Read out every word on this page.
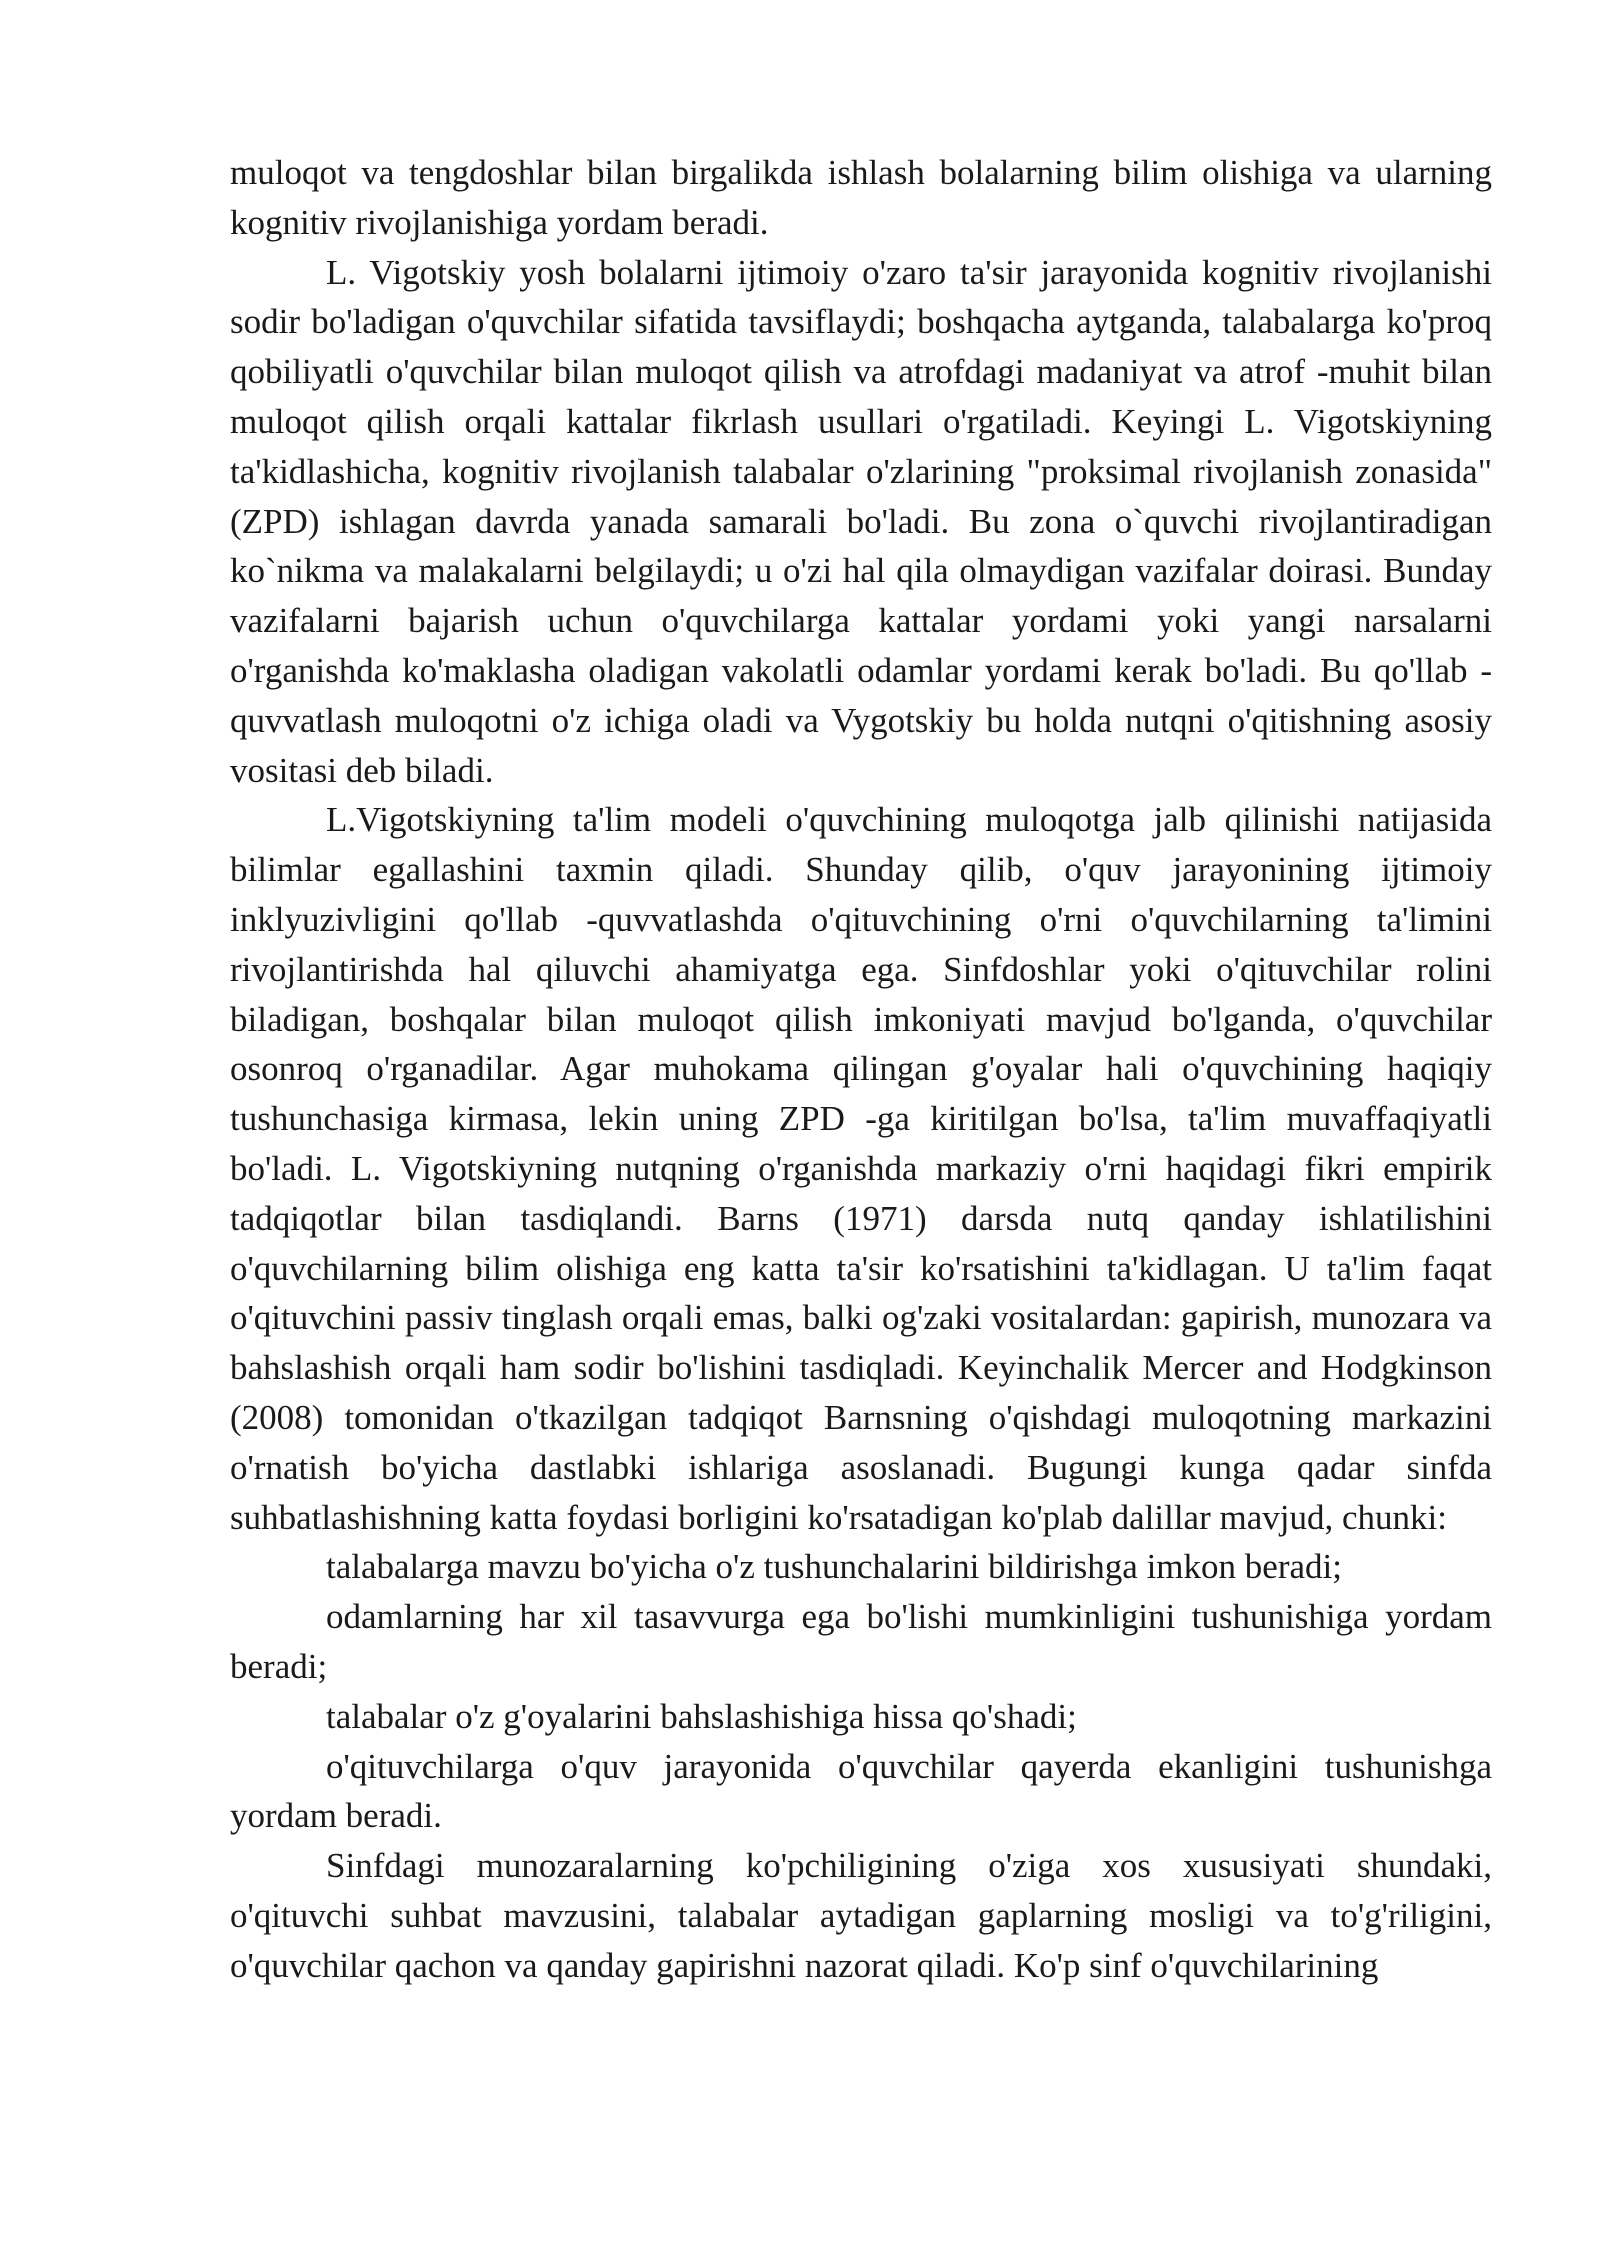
muloqot va tengdoshlar bilan birgalikda ishlash bolalarning bilim olishiga va ularning kognitiv rivojlanishiga yordam beradi.

L. Vigotskiy yosh bolalarni ijtimoiy o'zaro ta'sir jarayonida kognitiv rivojlanishi sodir bo'ladigan o'quvchilar sifatida tavsiflaydi; boshqacha aytganda, talabalarga ko'proq qobiliyatli o'quvchilar bilan muloqot qilish va atrofdagi madaniyat va atrof -muhit bilan muloqot qilish orqali kattalar fikrlash usullari o'rgatiladi. Keyingi L. Vigotskiyning ta'kidlashicha, kognitiv rivojlanish talabalar o'zlarining "proksimal rivojlanish zonasida" (ZPD) ishlagan davrda yanada samarali bo'ladi. Bu zona o`quvchi rivojlantiradigan ko`nikma va malakalarni belgilaydi; u o'zi hal qila olmaydigan vazifalar doirasi. Bunday vazifalarni bajarish uchun o'quvchilarga kattalar yordami yoki yangi narsalarni o'rganishda ko'maklasha oladigan vakolatli odamlar yordami kerak bo'ladi. Bu qo'llab - quvvatlash muloqotni o'z ichiga oladi va Vygotskiy bu holda nutqni o'qitishning asosiy vositasi deb biladi.

L.Vigotskiyning ta'lim modeli o'quvchining muloqotga jalb qilinishi natijasida bilimlar egallashini taxmin qiladi. Shunday qilib, o'quv jarayonining ijtimoiy inklyuzivligini qo'llab -quvvatlashda o'qituvchining o'rni o'quvchilarning ta'limini rivojlantirishda hal qiluvchi ahamiyatga ega. Sinfdoshlar yoki o'qituvchilar rolini biladigan, boshqalar bilan muloqot qilish imkoniyati mavjud bo'lganda, o'quvchilar osonroq o'rganadilar. Agar muhokama qilingan g'oyalar hali o'quvchining haqiqiy tushunchasiga kirmasa, lekin uning ZPD -ga kiritilgan bo'lsa, ta'lim muvaffaqiyatli bo'ladi. L. Vigotskiyning nutqning o'rganishda markaziy o'rni haqidagi fikri empirik tadqiqotlar bilan tasdiqlandi. Barns (1971) darsda nutq qanday ishlatilishini o'quvchilarning bilim olishiga eng katta ta'sir ko'rsatishini ta'kidlagan. U ta'lim faqat o'qituvchini passiv tinglash orqali emas, balki og'zaki vositalardan: gapirish, munozara va bahslashish orqali ham sodir bo'lishini tasdiqladi. Keyinchalik Mercer and Hodgkinson (2008) tomonidan o'tkazilgan tadqiqot Barnsning o'qishdagi muloqotning markazini o'rnatish bo'yicha dastlabki ishlariga asoslanadi. Bugungi kunga qadar sinfda suhbatlashishning katta foydasi borligini ko'rsatadigan ko'plab dalillar mavjud, chunki:

talabalarga mavzu bo'yicha o'z tushunchalarini bildirishga imkon beradi;

odamlarning har xil tasavvurga ega bo'lishi mumkinligini tushunishiga yordam beradi;

talabalar o'z g'oyalarini bahslashishiga hissa qo'shadi;

o'qituvchilarga o'quv jarayonida o'quvchilar qayerda ekanligini tushunishga yordam beradi.

Sinfdagi munozaralarning ko'pchiligining o'ziga xos xususiyati shundaki, o'qituvchi suhbat mavzusini, talabalar aytadigan gaplarning mosligi va to'g'riligini, o'quvchilar qachon va qanday gapirishni nazorat qiladi. Ko'p sinf o'quvchilarining
